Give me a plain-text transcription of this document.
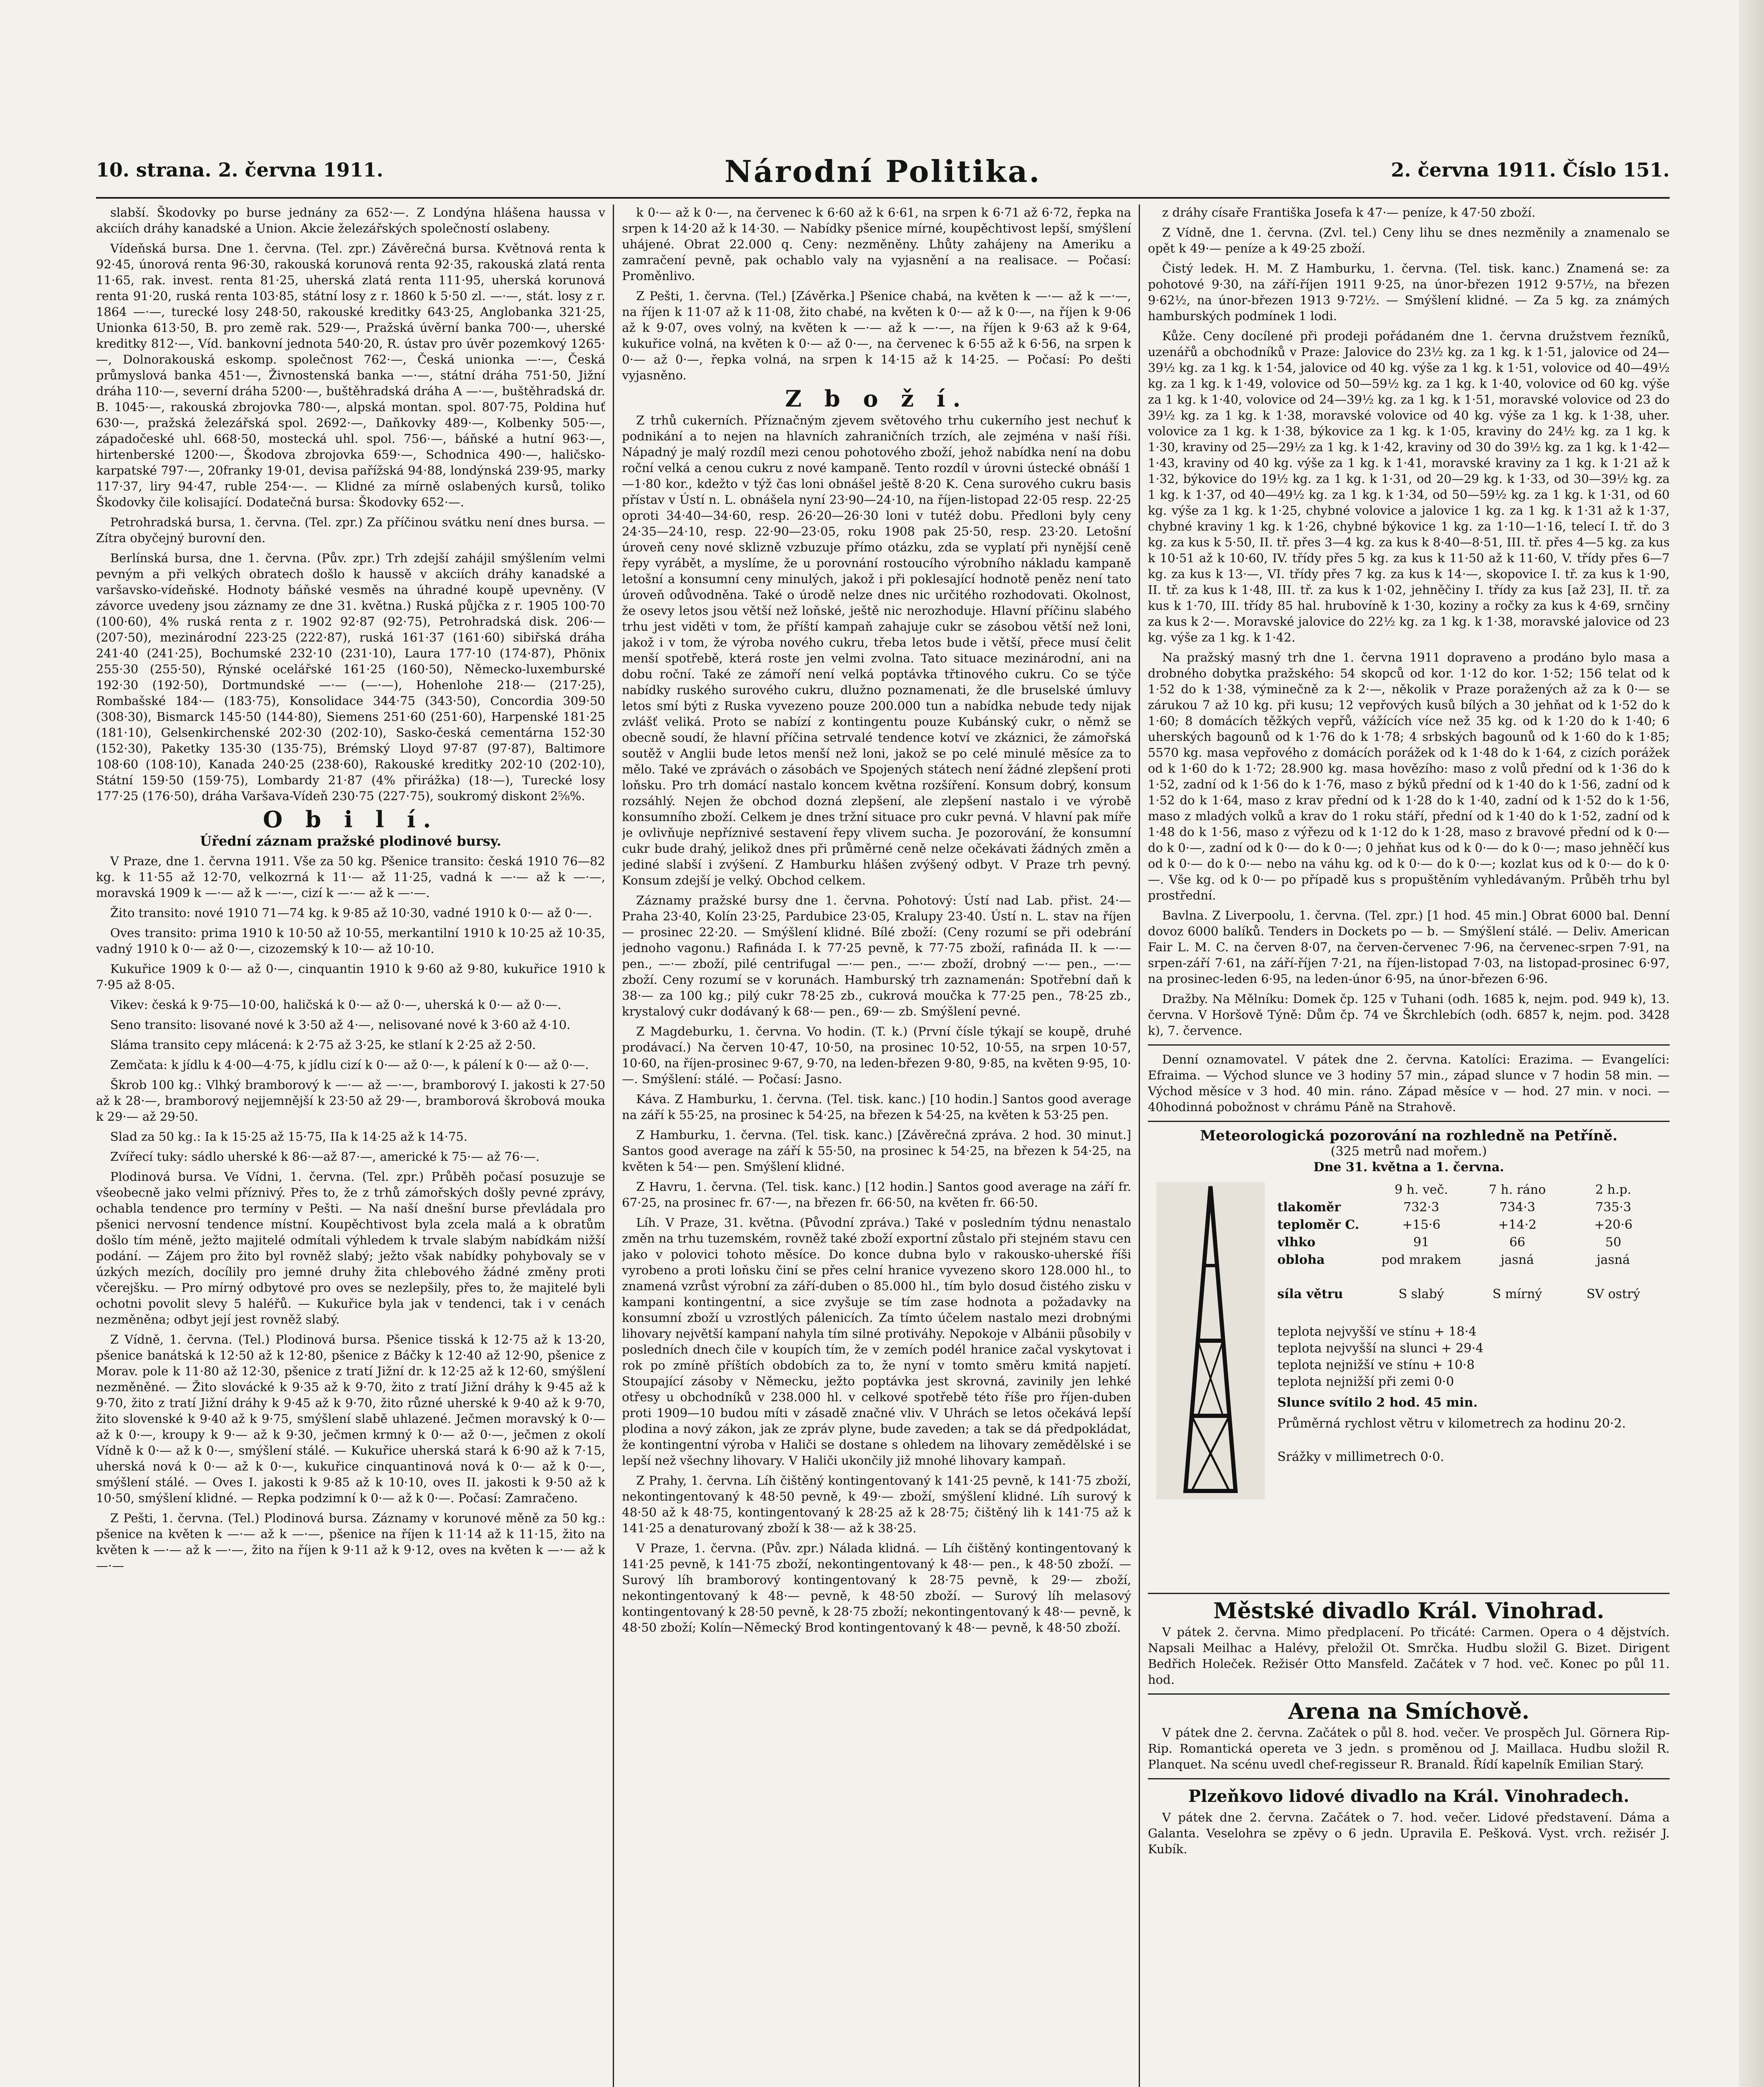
10. strana. 2. června 1911.	Národní Politika.	2. června 1911. Číslo 151.

slabší. Škodovky po burse jednány za 652·—. Z Londýna hlášena haussa v akciích dráhy kanadské a Union. Akcie železářských společností oslabeny.

Vídeňská bursa. Dne 1. června. (Tel. zpr.) Závěrečná bursa. Květnová renta k 92·45, únorová renta 96·30, rakouská korunová renta 92·35, rakouská zlatá renta 11·65, rak. invest. renta 81·25, uherská zlatá renta 111·95, uherská korunová renta 91·20, ruská renta 103·85, státní losy z r. 1860 k 5·50 zl. —·—, stát. losy z r. 1864 —·—, turecké losy 248·50, rakouské kreditky 643·25, Anglobanka 321·25, Unionka 613·50, B. pro země rak. 529·—, Pražská úvěrní banka 700·—, uherské kreditky 812·—, Víd. bankovní jednota 540·20, R. ústav pro úvěr pozemkový 1265·—, Dolnorakouská eskomp. společnost 762·—, Česká unionka —·—, Česká průmyslová banka 451·—, Živnostenská banka —·—, státní dráha 751·50, Jižní dráha 110·—, severní dráha 5200·—, buštěhradská dráha A —·—, buštěhradská dr. B. 1045·—, rakouská zbrojovka 780·—, alpská montan. spol. 807·75, Poldina huť 630·—, pražská železářská spol. 2692·—, Daňkovky 489·—, Kolbenky 505·—, západočeské uhl. 668·50, mostecká uhl. spol. 756·—, báňské a hutní 963·—, hirtenberské 1200·—, Škodova zbrojovka 659·—, Schodnica 490·—, haličsko-karpatské 797·—, 20franky 19·01, devisa pařížská 94·88, londýnská 239·95, marky 117·37, liry 94·47, ruble 254·—. — Klidné za mírně oslabených kursů, toliko Škodovky čile kolisající. Dodatečná bursa: Škodovky 652·—.

Petrohradská bursa, 1. června. (Tel. zpr.) Za příčinou svátku není dnes bursa. — Zítra obyčejný burovní den.

Berlínská bursa, dne 1. června. (Pův. zpr.) Trh zdejší zahájil smýšlením velmi pevným a při velkých obratech došlo k haussě v akciích dráhy kanadské a varšavsko-vídeňské. Hodnoty báňské vesměs na úhradné koupě upevněny. (V závorce uvedeny jsou záznamy ze dne 31. května.) Ruská půjčka z r. 1905 100·70 (100·60), 4% ruská renta z r. 1902 92·87 (92·75), Petrohradská disk. 206·— (207·50), mezinárodní 223·25 (222·87), ruská 161·37 (161·60) sibiřská dráha 241·40 (241·25), Bochumské 232·10 (231·10), Laura 177·10 (174·87), Phönix 255·30 (255·50), Rýnské ocelářské 161·25 (160·50), Německo-luxemburské 192·30 (192·50), Dortmundské —·— (—·—), Hohenlohe 218·— (217·25), Rombašské 184·— (183·75), Konsolidace 344·75 (343·50), Concordia 309·50 (308·30), Bismarck 145·50 (144·80), Siemens 251·60 (251·60), Harpenské 181·25 (181·10), Gelsenkirchenské 202·30 (202·10), Sasko-česká cementárna 152·30 (152·30), Paketky 135·30 (135·75), Brémský Lloyd 97·87 (97·87), Baltimore 108·60 (108·10), Kanada 240·25 (238·60), Rakouské kreditky 202·10 (202·10), Státní 159·50 (159·75), Lombardy 21·87 (4% přirážka) (18·—), Turecké losy 177·25 (176·50), dráha Varšava-Vídeň 230·75 (227·75), soukromý diskont 2⅝%.

O b i l í.
Úřední záznam pražské plodinové bursy.

V Praze, dne 1. června 1911. Vše za 50 kg. Pšenice transito: česká 1910 76—82 kg. k 11·55 až 12·70, velkozrná k 11·— až 11·25, vadná k —·— až k —·—, moravská 1909 k —·— až k —·—, cizí k —·— až k —·—.

Žito transito: nové 1910 71—74 kg. k 9·85 až 10·30, vadné 1910 k 0·— až 0·—.

Oves transito: prima 1910 k 10·50 až 10·55, merkantilní 1910 k 10·25 až 10·35, vadný 1910 k 0·— až 0·—, cizozemský k 10·— až 10·10.

Kukuřice 1909 k 0·— až 0·—, cinquantin 1910 k 9·60 až 9·80, kukuřice 1910 k 7·95 až 8·05.

Vikev: česká k 9·75—10·00, haličská k 0·— až 0·—, uherská k 0·— až 0·—.

Seno transito: lisované nové k 3·50 až 4·—, nelisované nové k 3·60 až 4·10.

Sláma transito cepy mlácená: k 2·75 až 3·25, ke stlaní k 2·25 až 2·50.

Zemčata: k jídlu k 4·00—4·75, k jídlu cizí k 0·— až 0·—, k pálení k 0·— až 0·—.

Škrob 100 kg.: Vlhký bramborový k —·— až —·—, bramborový I. jakosti k 27·50 až k 28·—, bramborový nejjemnější k 23·50 až 29·—, bramborová škrobová mouka k 29·— až 29·50.

Slad za 50 kg.: Ia k 15·25 až 15·75, IIa k 14·25 až k 14·75.

Zvířecí tuky: sádlo uherské k 86·—až 87·—, americké k 75·— až 76·—.

Plodinová bursa. Ve Vídni, 1. června. (Tel. zpr.) Průběh počasí posuzuje se všeobecně jako velmi příznivý. Přes to, že z trhů zámořských došly pevné zprávy, ochabla tendence pro termíny v Pešti. — Na naší dnešní burse převládala pro pšenici nervosní tendence místní. Koupěchtivost byla zcela malá a k obratům došlo tím méně, ježto majitelé odmítali výhledem k trvale slabým nabídkám nižší podání. — Zájem pro žito byl rovněž slabý; ježto však nabídky pohybovaly se v úzkých mezích, docílily pro jemné druhy žita chlebového žádné změny proti včerejšku. — Pro mírný odbytové pro oves se nezlepšily, přes to, že majitelé byli ochotni povolit slevy 5 haléřů. — Kukuřice byla jak v tendenci, tak i v cenách nezměněna; odbyt její jest rovněž slabý.

Z Vídně, 1. června. (Tel.) Plodinová bursa. Pšenice tisská k 12·75 až k 13·20, pšenice banátská k 12·50 až k 12·80, pšenice z Báčky k 12·40 až 12·90, pšenice z Morav. pole k 11·80 až 12·30, pšenice z tratí Jižní dr. k 12·25 až k 12·60, smýšlení nezměněné. — Žito slovácké k 9·35 až k 9·70, žito z tratí Jižní dráhy k 9·45 až k 9·70, žito z tratí Jižní dráhy k 9·45 až k 9·70, žito různé uherské k 9·40 až k 9·70, žito slovenské k 9·40 až k 9·75, smýšlení slabě uhlazené. Ječmen moravský k 0·— až k 0·—, kroupy k 9·— až k 9·30, ječmen krmný k 0·— až 0·—, ječmen z okolí Vídně k 0·— až k 0·—, smýšlení stálé. — Kukuřice uherská stará k 6·90 až k 7·15, uherská nová k 0·— až k 0·—, kukuřice cinquantinová nová k 0·— až k 0·—, smýšlení stálé. — Oves I. jakosti k 9·85 až k 10·10, oves II. jakosti k 9·50 až k 10·50, smýšlení klidné. — Repka podzimní k 0·— až k 0·—. Počasí: Zamračeno.

Z Pešti, 1. června. (Tel.) Plodinová bursa. Záznamy v korunové měně za 50 kg.: pšenice na květen k —·— až k —·—, pšenice na říjen k 11·14 až k 11·15, žito na květen k —·— až k —·—, žito na říjen k 9·11 až k 9·12, oves na květen k —·— až k —·—

k 0·— až k 0·—, na červenec k 6·60 až k 6·61, na srpen k 6·71 až 6·72, řepka na srpen k 14·20 až k 14·30. — Nabídky pšenice mírné, koupěchtivost lepší, smýšlení uhájené. Obrat 22.000 q. Ceny: nezměněny. Lhůty zahájeny na Ameriku a zamračení pevně, pak ochablo valy na vyjasnění a na realisace. — Počasí: Proměnlivo.

Z Pešti, 1. června. (Tel.) [Závěrka.] Pšenice chabá, na květen k —·— až k —·—, na říjen k 11·07 až k 11·08, žito chabé, na květen k 0·— až k 0·—, na říjen k 9·06 až k 9·07, oves volný, na květen k —·— až k —·—, na říjen k 9·63 až k 9·64, kukuřice volná, na květen k 0·— až 0·—, na červenec k 6·55 až k 6·56, na srpen k 0·— až 0·—, řepka volná, na srpen k 14·15 až k 14·25. — Počasí: Po dešti vyjasněno.

Z b o ž í.

Z trhů cukerních. Příznačným zjevem světového trhu cukerního jest nechuť k podnikání a to nejen na hlavních zahraničních trzích, ale zejména v naší říši. Nápadný je malý rozdíl mezi cenou pohotového zboží, jehož nabídka není na dobu roční velká a cenou cukru z nové kampaně. Tento rozdíl v úrovni ústecké obnáší 1—1·80 kor., kdežto v týž čas loni obnášel ještě 8·20 K. Cena surového cukru basis přístav v Ústí n. L. obnášela nyní 23·90—24·10, na říjen-listopad 22·05 resp. 22·25 oproti 34·40—34·60, resp. 26·20—26·30 loni v tutéž dobu. Předloni byly ceny 24·35—24·10, resp. 22·90—23·05, roku 1908 pak 25·50, resp. 23·20. Letošní úroveň ceny nové sklizně vzbuzuje přímo otázku, zda se vyplatí při nynější ceně řepy vyrábět, a myslíme, že u porovnání rostoucího výrobního nákladu kampaně letošní a konsumní ceny minulých, jakož i při poklesající hodnotě peněz není tato úroveň odůvodněna. Také o úrodě nelze dnes nic určitého rozhodovati. Okolnost, že osevy letos jsou větší než loňské, ještě nic nerozhoduje. Hlavní příčinu slabého trhu jest viděti v tom, že příští kampaň zahajuje cukr se zásobou větší než loni, jakož i v tom, že výroba nového cukru, třeba letos bude i větší, přece musí čelit menší spotřebě, která roste jen velmi zvolna. Tato situace mezinárodní, ani na dobu roční. Také ze zámoří není velká poptávka třtinového cukru. Co se týče nabídky ruského surového cukru, dlužno poznamenati, že dle bruselské úmluvy letos smí býti z Ruska vyvezeno pouze 200.000 tun a nabídka nebude tedy nijak zvlášť veliká. Proto se nabízí z kontingentu pouze Kubánský cukr, o němž se obecně soudí, že hlavní příčina setrvalé tendence kotví ve zkáznici, že zámořská soutěž v Anglii bude letos menší než loni, jakož se po celé minulé měsíce za to mělo. Také ve zprávách o zásobách ve Spojených státech není žádné zlepšení proti loňsku. Pro trh domácí nastalo koncem května rozšíření. Konsum dobrý, konsum rozsáhlý. Nejen že obchod dozná zlepšení, ale zlepšení nastalo i ve výrobě konsumního zboží. Celkem je dnes tržní situace pro cukr pevná. V hlavní pak míře je ovlivňuje nepříznivé sestavení řepy vlivem sucha. Je pozorování, že konsumní cukr bude drahý, jelikož dnes při průměrné ceně nelze očekávati žádných změn a jediné slabší i zvýšení. Z Hamburku hlášen zvýšený odbyt. V Praze trh pevný. Konsum zdejší je velký. Obchod celkem.

Záznamy pražské bursy dne 1. června. Pohotový: Ústí nad Lab. přist. 24·— Praha 23·40, Kolín 23·25, Pardubice 23·05, Kralupy 23·40. Ústí n. L. stav na říjen — prosinec 22·20. — Smýšlení klidné. Bílé zboží: (Ceny rozumí se při odebrání jednoho vagonu.) Rafináda I. k 77·25 pevně, k 77·75 zboží, rafináda II. k —·— pen., —·— zboží, pilé centrifugal —·— pen., —·— zboží, drobný —·— pen., —·— zboží. Ceny rozumí se v korunách. Hamburský trh zaznamenán: Spotřební daň k 38·— za 100 kg.; pilý cukr 78·25 zb., cukrová moučka k 77·25 pen., 78·25 zb., krystalový cukr dodávaný k 68·— pen., 69·— zb. Smýšlení pevné.

Z Magdeburku, 1. června. Vo hodin. (T. k.) (První čísle týkají se koupě, druhé prodávací.) Na červen 10·47, 10·50, na prosinec 10·52, 10·55, na srpen 10·57, 10·60, na říjen-prosinec 9·67, 9·70, na leden-březen 9·80, 9·85, na květen 9·95, 10·—. Smýšlení: stálé. — Počasí: Jasno.

Káva. Z Hamburku, 1. června. (Tel. tisk. kanc.) [10 hodin.] Santos good average na září k 55·25, na prosinec k 54·25, na březen k 54·25, na květen k 53·25 pen.

Z Hamburku, 1. června. (Tel. tisk. kanc.) [Závěrečná zpráva. 2 hod. 30 minut.] Santos good average na září k 55·50, na prosinec k 54·25, na březen k 54·25, na květen k 54·— pen. Smýšlení klidné.

Z Havru, 1. června. (Tel. tisk. kanc.) [12 hodin.] Santos good average na září fr. 67·25, na prosinec fr. 67·—, na březen fr. 66·50, na květen fr. 66·50.

Líh. V Praze, 31. května. (Původní zpráva.) Také v posledním týdnu nenastalo změn na trhu tuzemském, rovněž také zboží exportní zůstalo při stejném stavu cen jako v polovici tohoto měsíce. Do konce dubna bylo v rakousko-uherské říši vyrobeno a proti loňsku činí se přes celní hranice vyvezeno skoro 128.000 hl., to znamená vzrůst výrobní za září-duben o 85.000 hl., tím bylo dosud čistého zisku v kampani kontingentní, a sice zvyšuje se tím zase hodnota a požadavky na konsumní zboží u vzrostlých pálenicích. Za tímto účelem nastalo mezi drobnými lihovary největší kampaní nahyla tím silné protiváhy. Nepokoje v Albánii působily v posledních dnech čile v koupích tím, že v zemích podél hranice začal vyskytovat i rok po zmíně příštích obdobích za to, že nyní v tomto směru kmitá napjetí. Stoupající zásoby v Německu, ježto poptávka jest skrovná, zavinily jen lehké otřesy u obchodníků v 238.000 hl. v celkové spotřebě této říše pro říjen-duben proti 1909—10 budou míti v zásadě značné vliv. V Uhrách se letos očekává lepší plodina a nový zákon, jak ze zpráv plyne, bude zaveden; a tak se dá předpokládat, že kontingentní výroba v Haliči se dostane s ohledem na lihovary zemědělské i se lepší než všechny lihovary. V Haliči ukončily již mnohé lihovary kampaň.

Z Prahy, 1. června. Líh čištěný kontingentovaný k 141·25 pevně, k 141·75 zboží, nekontingentovaný k 48·50 pevně, k 49·— zboží, smýšlení klidné. Líh surový k 48·50 až k 48·75, kontingentovaný k 28·25 až k 28·75; čištěný lih k 141·75 až k 141·25 a denaturovaný zboží k 38·— až k 38·25.

V Praze, 1. června. (Pův. zpr.) Nálada klidná. — Líh čištěný kontingentovaný k 141·25 pevně, k 141·75 zboží, nekontingentovaný k 48·— pen., k 48·50 zboží. — Surový líh bramborový kontingentovaný k 28·75 pevně, k 29·— zboží, nekontingentovaný k 48·— pevně, k 48·50 zboží. — Surový líh melasový kontingentovaný k 28·50 pevně, k 28·75 zboží; nekontingentovaný k 48·— pevně, k 48·50 zboží; Kolín—Německý Brod kontingentovaný k 48·— pevně, k 48·50 zboží.

z dráhy císaře Františka Josefa k 47·— peníze, k 47·50 zboží.

Z Vídně, dne 1. června. (Zvl. tel.) Ceny lihu se dnes nezměnily a znamenalo se opět k 49·— peníze a k 49·25 zboží.

Čistý ledek. H. M. Z Hamburku, 1. června. (Tel. tisk. kanc.) Znamená se: za pohotové 9·30, na září-říjen 1911 9·25, na únor-březen 1912 9·57½, na březen 9·62½, na únor-březen 1913 9·72½. — Smýšlení klidné. — Za 5 kg. za známých hamburských podmínek 1 lodi.

Kůže. Ceny docílené při prodeji pořádaném dne 1. června družstvem řezníků, uzenářů a obchodníků v Praze: Jalovice do 23½ kg. za 1 kg. k 1·51, jalovice od 24—39½ kg. za 1 kg. k 1·54, jalovice od 40 kg. výše za 1 kg. k 1·51, volovice od 40—49½ kg. za 1 kg. k 1·49, volovice od 50—59½ kg. za 1 kg. k 1·40, volovice od 60 kg. výše za 1 kg. k 1·40, volovice od 24—39½ kg. za 1 kg. k 1·51, moravské volovice od 23 do 39½ kg. za 1 kg. k 1·38, moravské volovice od 40 kg. výše za 1 kg. k 1·38, uher. volovice za 1 kg. k 1·38, býkovice za 1 kg. k 1·05, kraviny do 24½ kg. za 1 kg. k 1·30, kraviny od 25—29½ za 1 kg. k 1·42, kraviny od 30 do 39½ kg. za 1 kg. k 1·42—1·43, kraviny od 40 kg. výše za 1 kg. k 1·41, moravské kraviny za 1 kg. k 1·21 až k 1·32, býkovice do 19½ kg. za 1 kg. k 1·31, od 20—29 kg. k 1·33, od 30—39½ kg. za 1 kg. k 1·37, od 40—49½ kg. za 1 kg. k 1·34, od 50—59½ kg. za 1 kg. k 1·31, od 60 kg. výše za 1 kg. k 1·25, chybné volovice a jalovice 1 kg. za 1 kg. k 1·31 až k 1·37, chybné kraviny 1 kg. k 1·26, chybné býkovice 1 kg. za 1·10—1·16, telecí I. tř. do 3 kg. za kus k 5·50, II. tř. přes 3—4 kg. za kus k 8·40—8·51, III. tř. přes 4—5 kg. za kus k 10·51 až k 10·60, IV. třídy přes 5 kg. za kus k 11·50 až k 11·60, V. třídy přes 6—7 kg. za kus k 13·—, VI. třídy přes 7 kg. za kus k 14·—, skopovice I. tř. za kus k 1·90, II. tř. za kus k 1·48, III. tř. za kus k 1·02, jehněčiny I. třídy za kus [až 23], II. tř. za kus k 1·70, III. třídy 85 hal. hrubovíně k 1·30, koziny a ročky za kus k 4·69, srnčiny za kus k 2·—. Moravské jalovice do 22½ kg. za 1 kg. k 1·38, moravské jalovice od 23 kg. výše za 1 kg. k 1·42.

Na pražský masný trh dne 1. června 1911 dopraveno a prodáno bylo masa a drobného dobytka pražského: 54 skopců od kor. 1·12 do kor. 1·52; 156 telat od k 1·52 do k 1·38, výminečně za k 2·—, několik v Praze poražených až za k 0·— se zárukou 7 až 10 kg. při kusu; 12 vepřových kusů bílých a 30 jehňat od k 1·52 do k 1·60; 8 domácích těžkých vepřů, vážících více než 35 kg. od k 1·20 do k 1·40; 6 uherských bagounů od k 1·76 do k 1·78; 4 srbských bagounů od k 1·60 do k 1·85; 5570 kg. masa vepřového z domácích porážek od k 1·48 do k 1·64, z cizích porážek od k 1·60 do k 1·72; 28.900 kg. masa hovězího: maso z volů přední od k 1·36 do k 1·52, zadní od k 1·56 do k 1·76, maso z býků přední od k 1·40 do k 1·56, zadní od k 1·52 do k 1·64, maso z krav přední od k 1·28 do k 1·40, zadní od k 1·52 do k 1·56, maso z mladých volků a krav do 1 roku stáří, přední od k 1·40 do k 1·52, zadní od k 1·48 do k 1·56, maso z výřezu od k 1·12 do k 1·28, maso z bravové přední od k 0·— do k 0·—, zadní od k 0·— do k 0·—; 0 jehňat kus od k 0·— do k 0·—; maso jehněčí kus od k 0·— do k 0·— nebo na váhu kg. od k 0·— do k 0·—; kozlat kus od k 0·— do k 0·—. Vše kg. od k 0·— po případě kus s propuštěním vyhledávaným. Průběh trhu byl prostřední.

Bavlna. Z Liverpoolu, 1. června. (Tel. zpr.) [1 hod. 45 min.] Obrat 6000 bal. Denní dovoz 6000 balíků. Tenders in Dockets po — b. — Smýšlení stálé. — Deliv. American Fair L. M. C. na červen 8·07, na červen-červenec 7·96, na červenec-srpen 7·91, na srpen-září 7·61, na září-říjen 7·21, na říjen-listopad 7·03, na listopad-prosinec 6·97, na prosinec-leden 6·95, na leden-únor 6·95, na únor-březen 6·96.

Dražby. Na Mělníku: Domek čp. 125 v Tuhani (odh. 1685 k, nejm. pod. 949 k), 13. června. V Horšově Týně: Dům čp. 74 ve Škrchlebích (odh. 6857 k, nejm. pod. 3428 k), 7. července.

Denní oznamovatel. V pátek dne 2. června. Katolíci: Erazima. — Evangelíci: Efraima. — Východ slunce ve 3 hodiny 57 min., západ slunce v 7 hodin 58 min. — Východ měsíce v 3 hod. 40 min. ráno. Západ měsíce v — hod. 27 min. v noci. — 40hodinná pobožnost v chrámu Páně na Strahově.

Meteorologická pozorování na rozhledně na Petříně.
(325 metrů nad mořem.)
Dne 31. května a 1. června.
9 h. več.	7 h. ráno	2 h.p.
tlakoměr	732·3	734·3	735·3
teploměr C.	+15·6	+14·2	+20·6
vlhko	91	66	50
obloha	pod mrakem	jasná	jasná
síla větru	S slabý	S mírný	SV ostrý
teplota nejvyšší ve stínu + 18·4
teplota nejvyšší na slunci + 29·4
teplota nejnižší ve stínu + 10·8
teplota nejnižší při zemi 0·0
Slunce svítilo 2 hod. 45 min.
Průměrná rychlost větru v kilometrech za hodinu 20·2.
Srážky v millimetrech 0·0.
Městské divadlo Král. Vinohrad.

V pátek 2. června. Mimo předplacení. Po třicáté: Carmen. Opera o 4 dějstvích. Napsali Meilhac a Halévy, přeložil Ot. Smrčka. Hudbu složil G. Bizet. Dirigent Bedřich Holeček. Režisér Otto Mansfeld. Začátek v 7 hod. več. Konec po půl 11. hod.

Arena na Smíchově.

V pátek dne 2. června. Začátek o půl 8. hod. večer. Ve prospěch Jul. Görnera Rip-Rip. Romantická opereta ve 3 jedn. s proměnou od J. Maillaca. Hudbu složil R. Planquet. Na scénu uvedl chef-regisseur R. Branald. Řídí kapelník Emilian Starý.

Plzeňkovo lidové divadlo na Král. Vinohradech.

V pátek dne 2. června. Začátek o 7. hod. večer. Lidové představení. Dáma a Galanta. Veselohra se zpěvy o 6 jedn. Upravila E. Pešková. Vyst. vrch. režisér J. Kubík.
